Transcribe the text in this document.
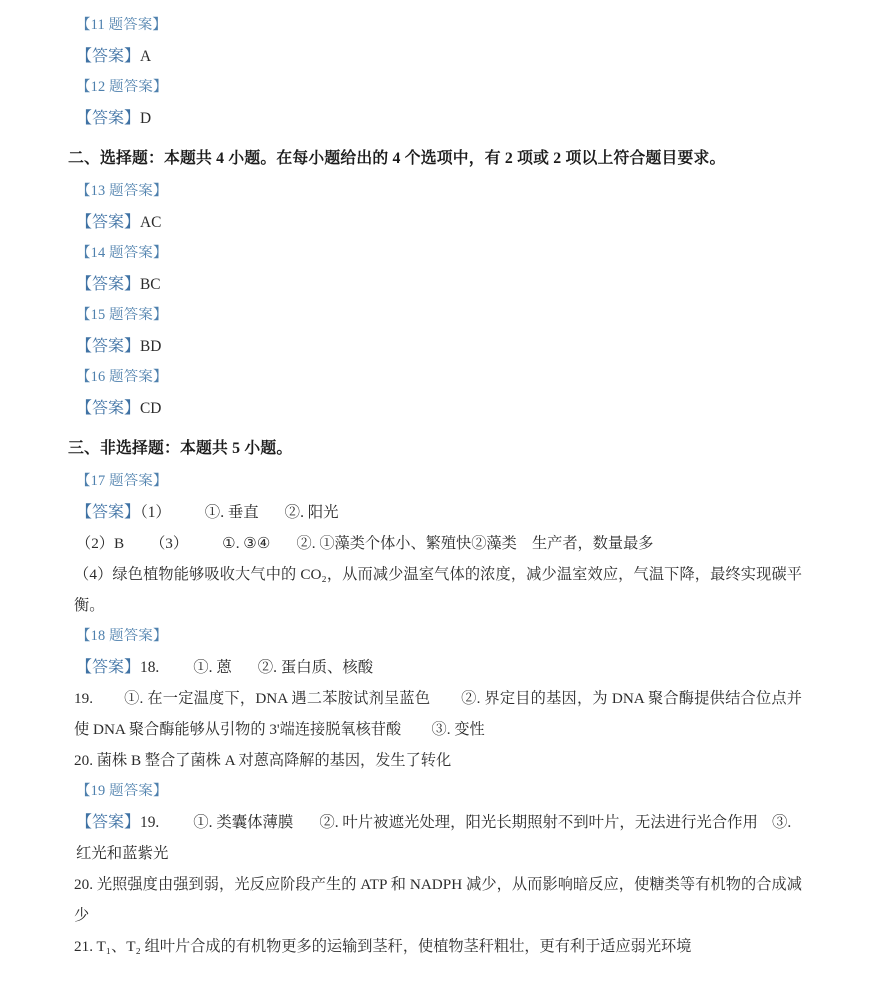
【11 题答案】
【答案】A
【12 题答案】
【答案】D
二、选择题：本题共 4 小题。在每小题给出的 4 个选项中，有 2 项或 2 项以上符合题目要求。
【13 题答案】
【答案】AC
【14 题答案】
【答案】BC
【15 题答案】
【答案】BD
【16 题答案】
【答案】CD
三、非选择题：本题共 5 小题。
【17 题答案】
【答案】（1） ①. 垂直 ②. 阳光
（2）B （3） ①. ③④ ②. ①藻类个体小、繁殖快②藻类　生产者，数量最多
（4）绿色植物能够吸收大气中的 CO₂，从而减少温室气体的浓度，减少温室效应，气温下降，最终实现碳平衡。
【18 题答案】
【答案】18. ①. 蒽 ②. 蛋白质、核酸
19.　　①. 在一定温度下，DNA 遇二苯胺试剂呈蓝色　　②. 界定目的基因，为 DNA 聚合酶提供结合位点并使 DNA 聚合酶能够从引物的 3'端连接脱氧核苷酸　　③. 变性
20. 菌株 B 整合了菌株 A 对蒽高降解的基因，发生了转化
【19 题答案】
【答案】19. ①. 类囊体薄膜 ②. 叶片被遮光处理，阳光长期照射不到叶片，无法进行光合作用 ③. 红光和蓝紫光
20. 光照强度由强到弱，光反应阶段产生的 ATP 和 NADPH 减少，从而影响暗反应，使糖类等有机物的合成减少
21. T₁、T₂ 组叶片合成的有机物更多的运输到茎秆，使植物茎秆粗壮，更有利于适应弱光环境
